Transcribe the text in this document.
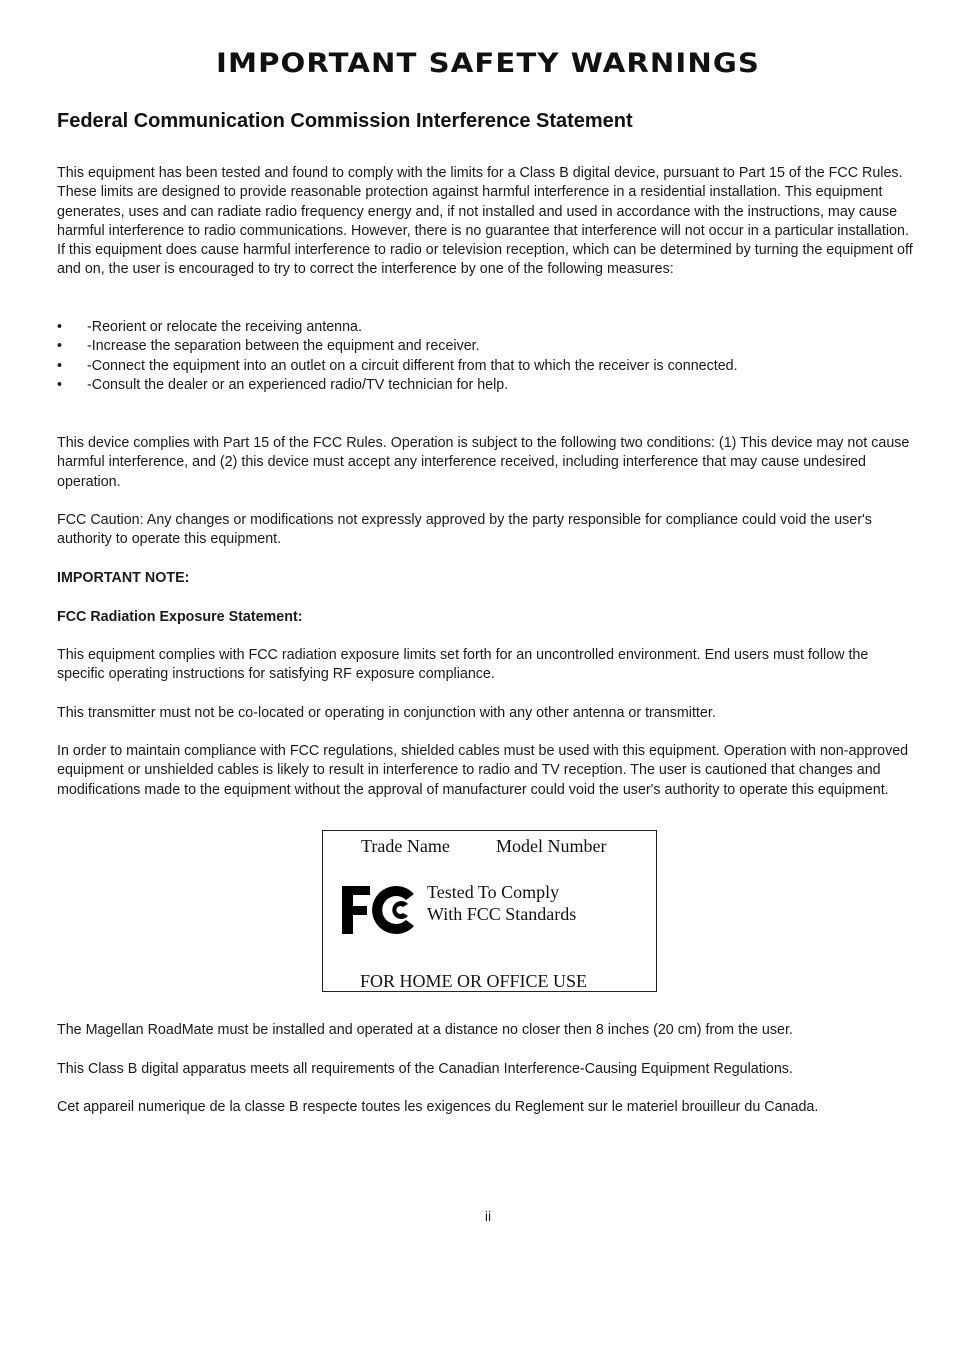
IMPORTANT SAFETY WARNINGS
Federal Communication Commission Interference Statement

This equipment has been tested and found to comply with the limits for a Class B digital device, pursuant to Part 15 of the FCC Rules. These limits are designed to provide reasonable protection against harmful interference in a residential installation. This equipment generates, uses and can radiate radio frequency energy and, if not installed and used in accordance with the instructions, may cause harmful interference to radio communications. However, there is no guarantee that interference will not occur in a particular installation. If this equipment does cause harmful interference to radio or television reception, which can be determined by turning the equipment off and on, the user is encouraged to try to correct the interference by one of the following measures:

• -Reorient or relocate the receiving antenna.
• -Increase the separation between the equipment and receiver.
• -Connect the equipment into an outlet on a circuit different from that to which the receiver is connected.
• -Consult the dealer or an experienced radio/TV technician for help.

This device complies with Part 15 of the FCC Rules. Operation is subject to the following two conditions: (1) This device may not cause harmful interference, and (2) this device must accept any interference received, including interference that may cause undesired operation.

FCC Caution: Any changes or modifications not expressly approved by the party responsible for compliance could void the user's authority to operate this equipment.

IMPORTANT NOTE:

FCC Radiation Exposure Statement:

This equipment complies with FCC radiation exposure limits set forth for an uncontrolled environment. End users must follow the specific operating instructions for satisfying RF exposure compliance.

This transmitter must not be co-located or operating in conjunction with any other antenna or transmitter.

In order to maintain compliance with FCC regulations, shielded cables must be used with this equipment. Operation with non-approved equipment or unshielded cables is likely to result in interference to radio and TV reception. The user is cautioned that changes and modifications made to the equipment without the approval of manufacturer could void the user's authority to operate this equipment.

Trade Name	Model Number
Tested To Comply
With FCC Standards
FOR HOME OR OFFICE USE

The Magellan RoadMate must be installed and operated at a distance no closer then 8 inches (20 cm) from the user.

This Class B digital apparatus meets all requirements of the Canadian Interference-Causing Equipment Regulations.

Cet appareil numerique de la classe B respecte toutes les exigences du Reglement sur le materiel brouilleur du Canada.

ii
